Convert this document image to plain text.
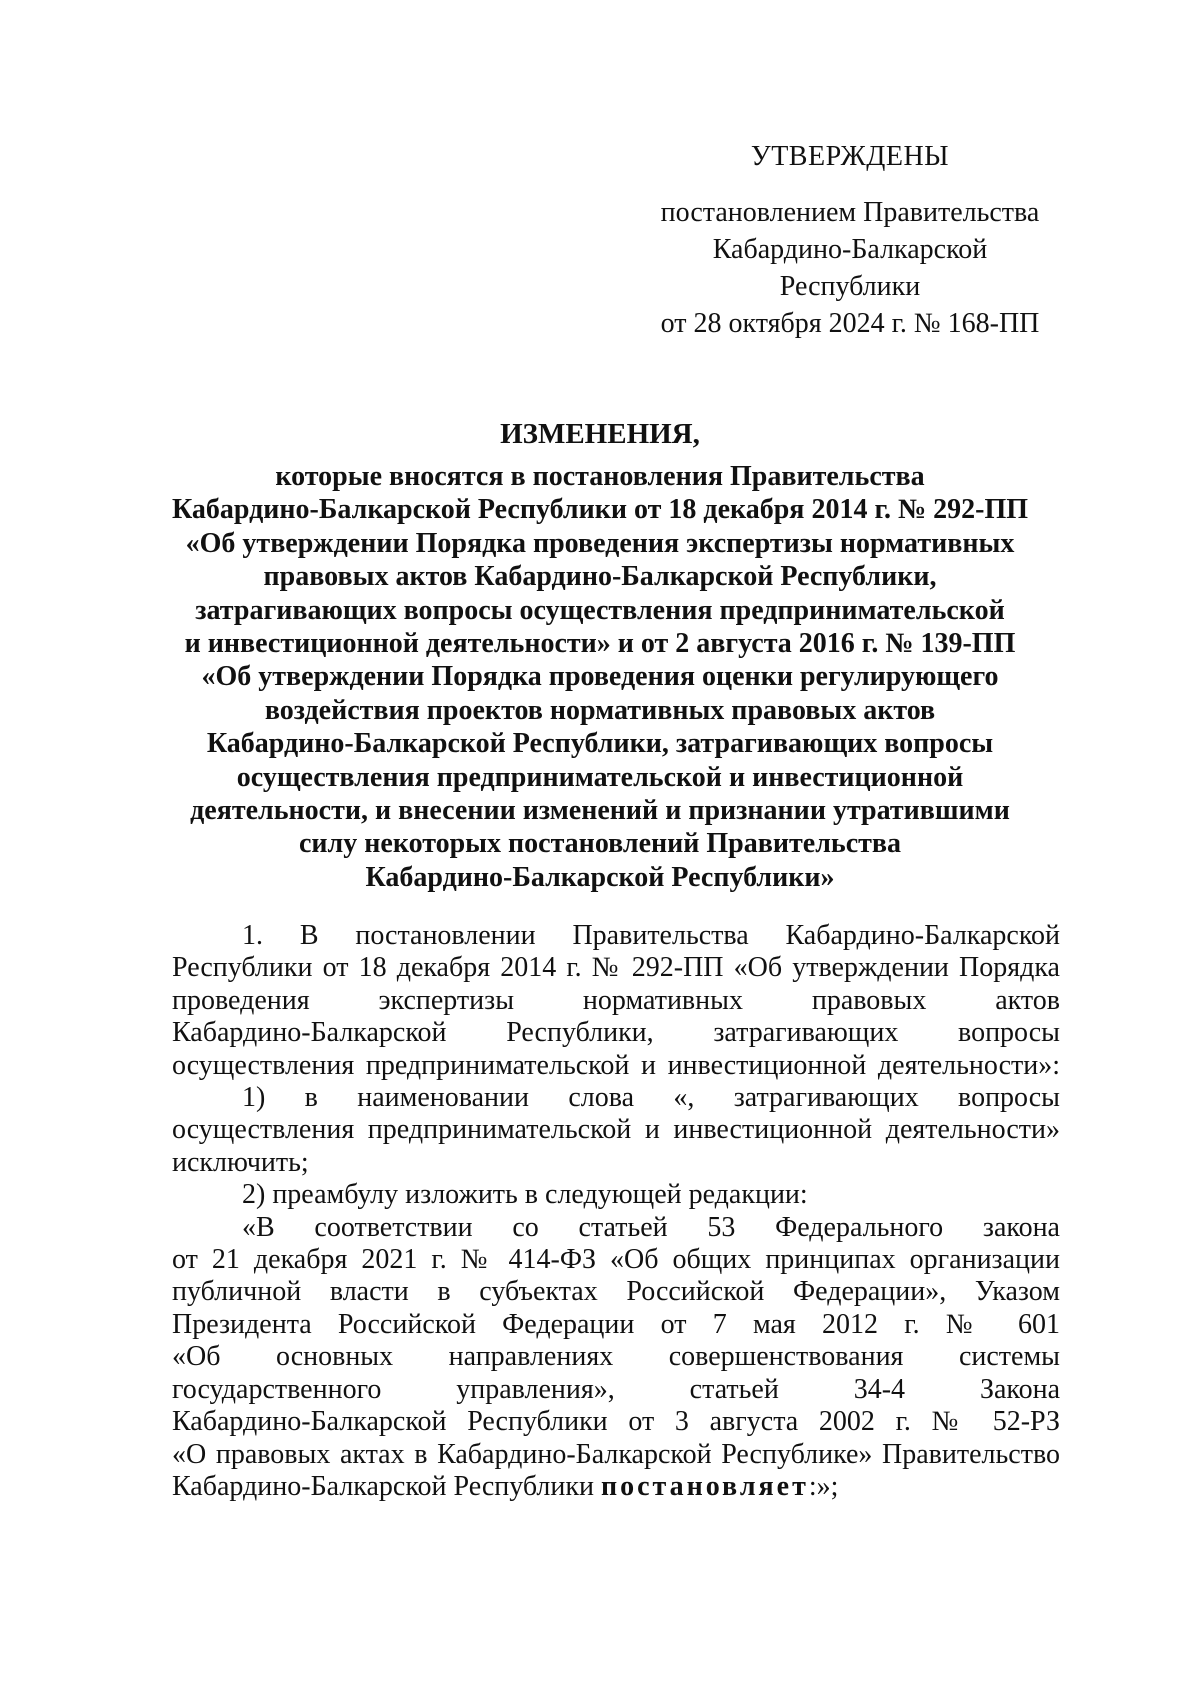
УТВЕРЖДЕНЫ
постановлением Правительства
Кабардино-Балкарской Республики
от 28 октября 2024 г. № 168-ПП
ИЗМЕНЕНИЯ,
которые вносятся в постановления Правительства
Кабардино-Балкарской Республики от 18 декабря 2014 г. № 292-ПП
«Об утверждении Порядка проведения экспертизы нормативных
правовых актов Кабардино-Балкарской Республики,
затрагивающих вопросы осуществления предпринимательской
и инвестиционной деятельности» и от 2 августа 2016 г. № 139-ПП
«Об утверждении Порядка проведения оценки регулирующего
воздействия проектов нормативных правовых актов
Кабардино-Балкарской Республики, затрагивающих вопросы
осуществления предпринимательской и инвестиционной
деятельности, и внесении изменений и признании утратившими
силу некоторых постановлений Правительства
Кабардино-Балкарской Республики»
1. В постановлении Правительства Кабардино-Балкарской
Республики от 18 декабря 2014 г. № 292-ПП «Об утверждении Порядка
проведения экспертизы нормативных правовых актов
Кабардино-Балкарской Республики, затрагивающих вопросы
осуществления предпринимательской и инвестиционной деятельности»:
1) в наименовании слова «, затрагивающих вопросы
осуществления предпринимательской и инвестиционной деятельности»
исключить;
2) преамбулу изложить в следующей редакции:
«В соответствии со статьей 53 Федерального закона
от 21 декабря 2021 г. № 414-ФЗ «Об общих принципах организации
публичной власти в субъектах Российской Федерации», Указом
Президента Российской Федерации от 7 мая 2012 г. № 601
«Об основных направлениях совершенствования системы
государственного управления», статьей 34-4 Закона
Кабардино-Балкарской Республики от 3 августа 2002 г. № 52-РЗ
«О правовых актах в Кабардино-Балкарской Республике» Правительство
Кабардино-Балкарской Республики постановляет:»;
